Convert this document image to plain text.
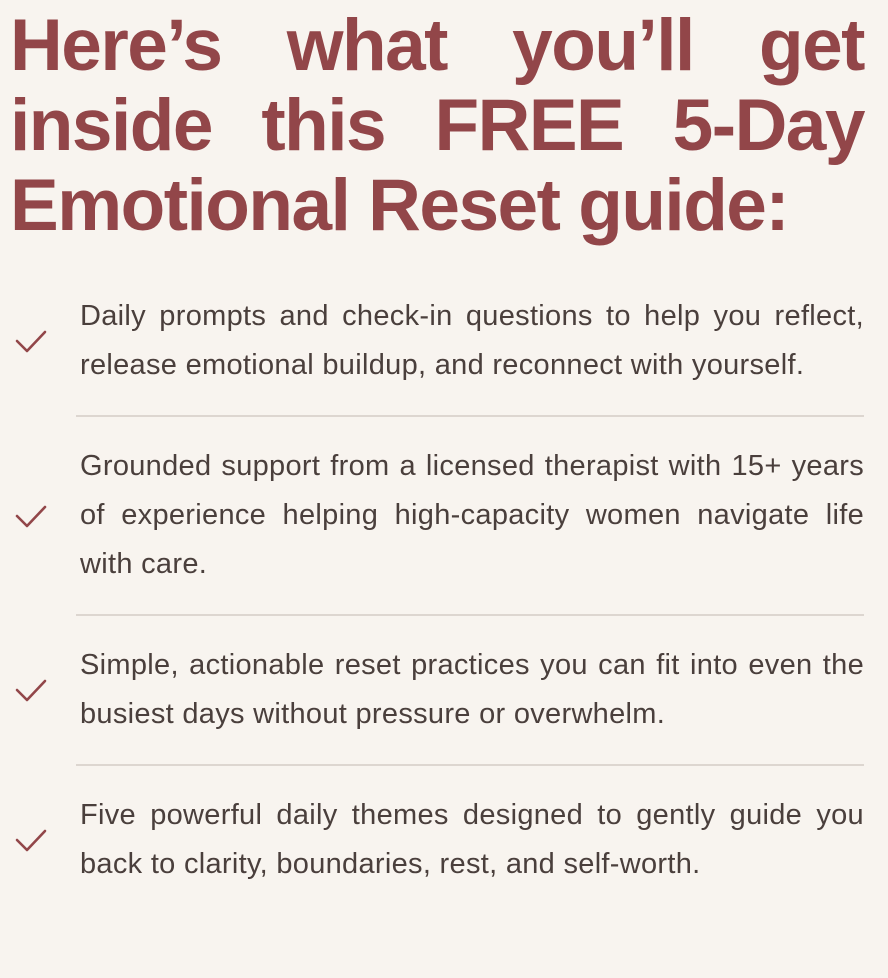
Here’s what you’ll get inside this FREE 5-Day Emotional Reset guide:
Daily prompts and check-in questions to help you reflect, release emotional buildup, and reconnect with yourself.
Grounded support from a licensed therapist with 15+ years of experience helping high-capacity women navigate life with care.
Simple, actionable reset practices you can fit into even the busiest days without pressure or overwhelm.
Five powerful daily themes designed to gently guide you back to clarity, boundaries, rest, and self-worth.
